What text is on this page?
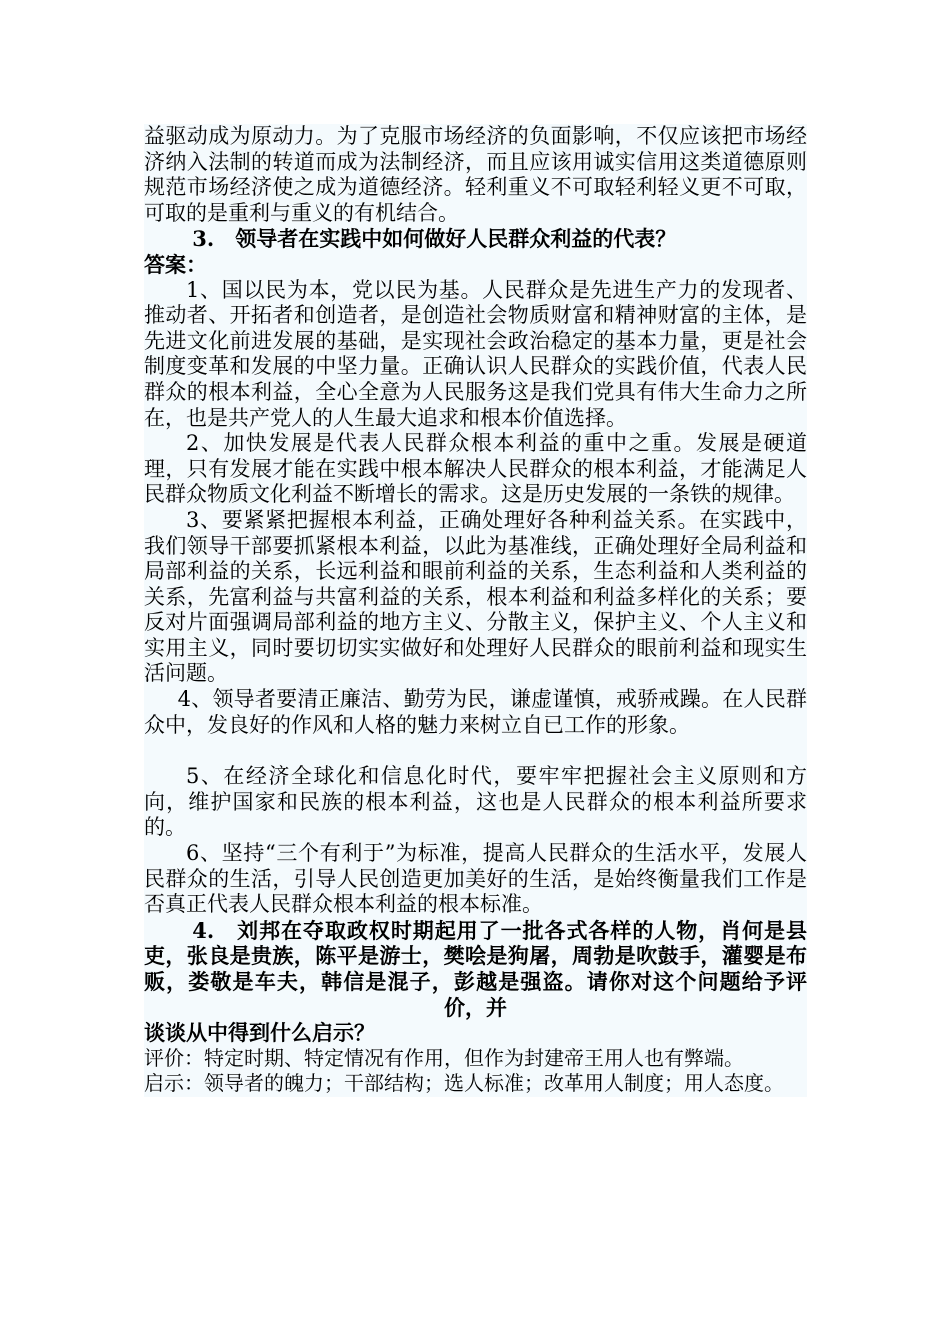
益驱动成为原动力。为了克服市场经济的负面影响，不仅应该把市场经济纳入法制的转道而成为法制经济，而且应该用诚实信用这类道德原则规范市场经济使之成为道德经济。轻利重义不可取轻利轻义更不可取，可取的是重利与重义的有机结合。

3.　领导者在实践中如何做好人民群众利益的代表？

答案：

1、国以民为本，党以民为基。人民群众是先进生产力的发现者、推动者、开拓者和创造者，是创造社会物质财富和精神财富的主体，是先进文化前进发展的基础，是实现社会政治稳定的基本力量，更是社会制度变革和发展的中坚力量。正确认识人民群众的实践价值，代表人民群众的根本利益，全心全意为人民服务这是我们党具有伟大生命力之所在，也是共产党人的人生最大追求和根本价值选择。

2、加快发展是代表人民群众根本利益的重中之重。发展是硬道理，只有发展才能在实践中根本解决人民群众的根本利益，才能满足人民群众物质文化利益不断增长的需求。这是历史发展的一条铁的规律。

3、要紧紧把握根本利益，正确处理好各种利益关系。在实践中，我们领导干部要抓紧根本利益，以此为基准线，正确处理好全局利益和局部利益的关系，长远利益和眼前利益的关系，生态利益和人类利益的关系，先富利益与共富利益的关系，根本利益和利益多样化的关系；要反对片面强调局部利益的地方主义、分散主义，保护主义、个人主义和实用主义，同时要切切实实做好和处理好人民群众的眼前利益和现实生活问题。

4、领导者要清正廉洁、勤劳为民，谦虚谨慎，戒骄戒躁。在人民群众中，发良好的作风和人格的魅力来树立自已工作的形象。

5、在经济全球化和信息化时代，要牢牢把握社会主义原则和方向，维护国家和民族的根本利益，这也是人民群众的根本利益所要求的。

6、坚持“三个有利于”为标准，提高人民群众的生活水平，发展人民群众的生活，引导人民创造更加美好的生活，是始终衡量我们工作是否真正代表人民群众根本利益的根本标准。

4.　刘邦在夺取政权时期起用了一批各式各样的人物，肖何是县吏，张良是贵族，陈平是游士，樊哙是狗屠，周勃是吹鼓手，灌婴是布贩，娄敬是车夫，韩信是混子，彭越是强盗。请你对这个问题给予评价，并

谈谈从中得到什么启示？

评价：特定时期、特定情况有作用，但作为封建帝王用人也有弊端。

启示：领导者的魄力；干部结构；选人标准；改革用人制度；用人态度。
